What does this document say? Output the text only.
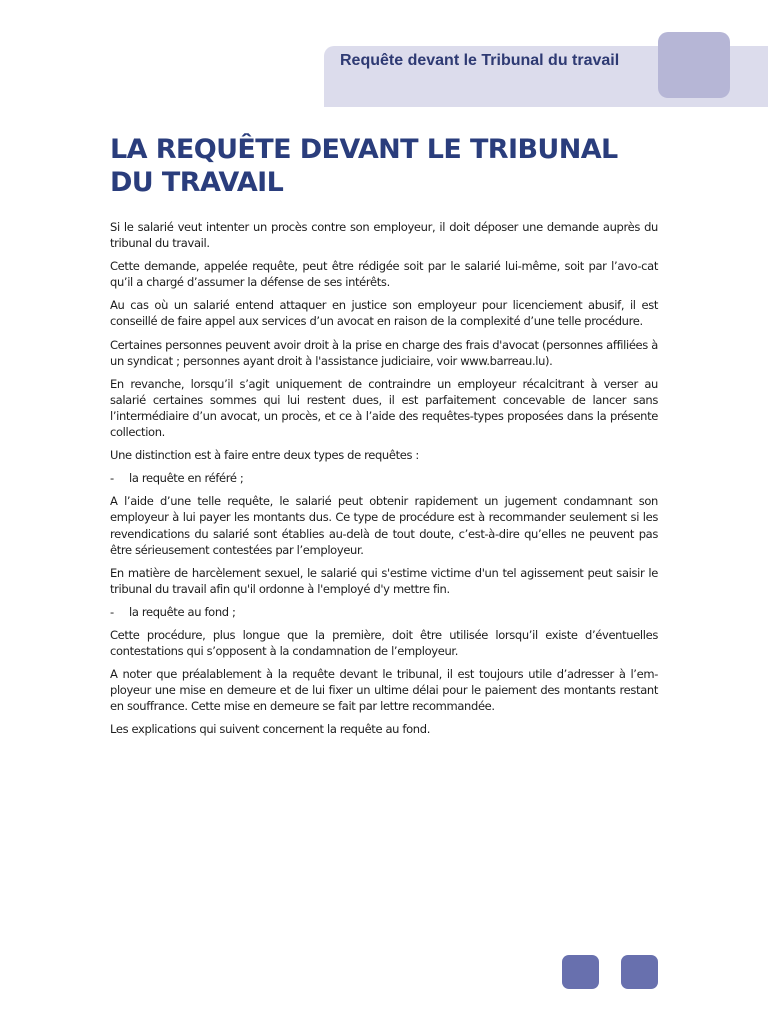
Requête devant le Tribunal du travail
LA REQUÊTE DEVANT LE TRIBUNAL DU TRAVAIL

Si le salarié veut intenter un procès contre son employeur, il doit déposer une demande auprès du tribunal du travail.

Cette demande, appelée requête, peut être rédigée soit par le salarié lui-même, soit par l’avo-cat qu’il a chargé d’assumer la défense de ses intérêts.

Au cas où un salarié entend attaquer en justice son employeur pour licenciement abusif, il est conseillé de faire appel aux services d’un avocat en raison de la complexité d’une telle procédure.

Certaines personnes peuvent avoir droit à la prise en charge des frais d'avocat (personnes affiliées à un syndicat ; personnes ayant droit à l'assistance judiciaire, voir www.barreau.lu).

En revanche, lorsqu’il s’agit uniquement de contraindre un employeur récalcitrant à verser au salarié certaines sommes qui lui restent dues, il est parfaitement concevable de lancer sans l’intermédiaire d’un avocat, un procès, et ce à l’aide des requêtes-types proposées dans la présente collection.

Une distinction est à faire entre deux types de requêtes :

-	la requête en référé ;

A l’aide d’une telle requête, le salarié peut obtenir rapidement un jugement condamnant son employeur à lui payer les montants dus. Ce type de procédure est à recommander seulement si les revendications du salarié sont établies au-delà de tout doute, c’est-à-dire qu’elles ne peuvent pas être sérieusement contestées par l’employeur.

En matière de harcèlement sexuel, le salarié qui s'estime victime d'un tel agissement peut saisir le tribunal du travail afin qu'il ordonne à l'employé d'y mettre fin.

-	la requête au fond ;

Cette procédure, plus longue que la première, doit être utilisée lorsqu’il existe d’éventuelles contestations qui s’opposent à la condamnation de l’employeur.

A noter que préalablement à la requête devant le tribunal, il est toujours utile d’adresser à l’em-ployeur une mise en demeure et de lui fixer un ultime délai pour le paiement des montants restant en souffrance. Cette mise en demeure se fait par lettre recommandée.

Les explications qui suivent concernent la requête au fond.
